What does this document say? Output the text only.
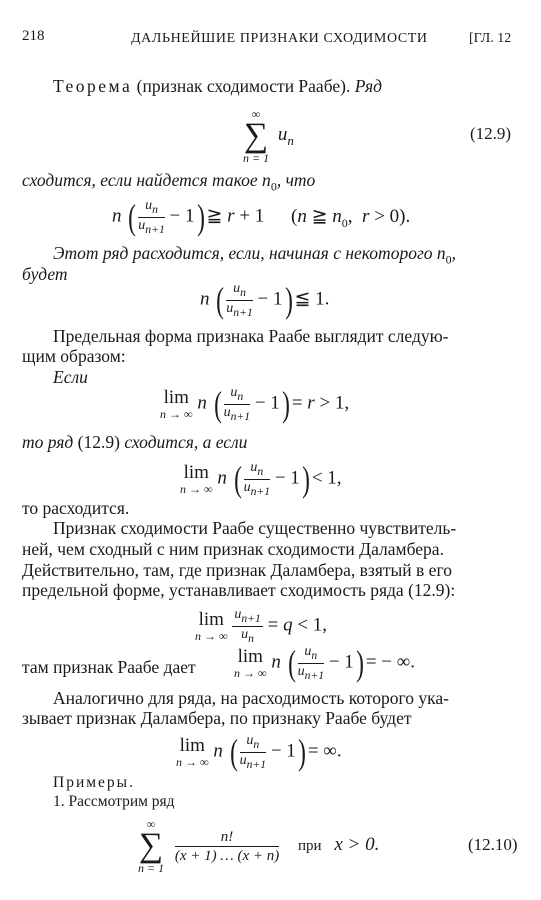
218	ДАЛЬНЕЙШИЕ ПРИЗНАКИ СХОДИМОСТИ	[ГЛ. 12
Теорема (признак сходимости Раабе). Ряд
∞
∑
n = 1
$u_n$	(12.9)
сходится, если найдется такое $n_0$, что
n ( $\frac{u_n}{u_{n+1}} - 1$) ≧ r + 1 (n ≧ $n_0$,  r > 0).
Этот ряд расходится, если, начиная с некоторого $n_0$,
будет
n ( $\frac{u_n}{u_{n+1}} - 1$) ≦ 1.
Предельная форма признака Раабе выглядит следую-
щим образом:
Если
lim
n → ∞
n ( $\frac{u_n}{u_{n+1}} - 1) = r > 1$,
то ряд (12.9) сходится, а если
lim
n → ∞
n ( $\frac{u_n}{u_{n+1}} - 1) < 1$,
то расходится.
Признак сходимости Раабе существенно чувствитель-
ней, чем сходный с ним признак сходимости Даламбера.
Действительно, там, где признак Даламбера, взятый в его
предельной форме, устанавливает сходимость ряда (12.9):
lim
n → ∞
$\frac{u_{n+1}}{u_n} = q < 1$,
там признак Раабе дает lim
n → ∞
n ( $\frac{u_n}{u_{n+1}} - 1$) = − ∞.
Аналогично для ряда, на расходимость которого ука-
зывает признак Даламбера, по признаку Раабе будет
lim
n → ∞
n ( $\frac{u_n}{u_{n+1}} - 1$) = ∞.
Примеры.
1. Рассмотрим ряд
∞
∑
n = 1

$\frac{n!}{(x + 1) \dots (x + n)}$ при x > 0.	(12.10)
